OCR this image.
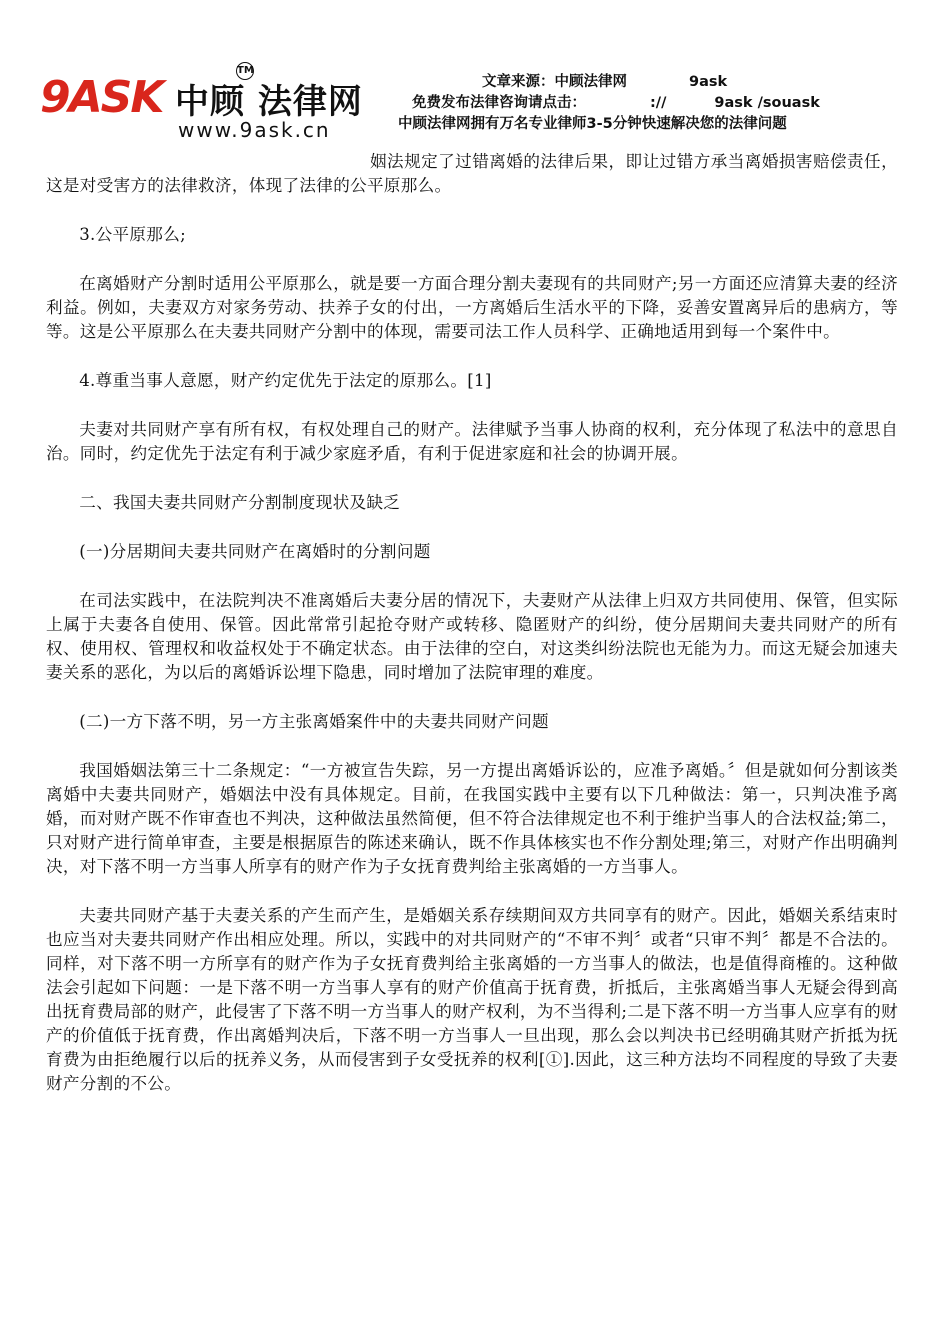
9ASK
TM
中顾 法律网
www.9ask.cn
文章来源：中顾法律网	9ask
免费发布法律咨询请点击：	://	9ask /souask
中顾法律网拥有万名专业律师3-5分钟快速解决您的法律问题

姻法规定了过错离婚的法律后果，即让过错方承当离婚损害赔偿责任，这是对受害方的法律救济，体现了法律的公平原那么。

3.公平原那么;

在离婚财产分割时适用公平原那么，就是要一方面合理分割夫妻现有的共同财产;另一方面还应清算夫妻的经济利益。例如，夫妻双方对家务劳动、扶养子女的付出，一方离婚后生活水平的下降，妥善安置离异后的患病方，等等。这是公平原那么在夫妻共同财产分割中的体现，需要司法工作人员科学、正确地适用到每一个案件中。

4.尊重当事人意愿，财产约定优先于法定的原那么。[1]

夫妻对共同财产享有所有权，有权处理自己的财产。法律赋予当事人协商的权利，充分体现了私法中的意思自治。同时，约定优先于法定有利于减少家庭矛盾，有利于促进家庭和社会的协调开展。

二、我国夫妻共同财产分割制度现状及缺乏

(一)分居期间夫妻共同财产在离婚时的分割问题

在司法实践中，在法院判决不准离婚后夫妻分居的情况下，夫妻财产从法律上归双方共同使用、保管，但实际上属于夫妻各自使用、保管。因此常常引起抢夺财产或转移、隐匿财产的纠纷，使分居期间夫妻共同财产的所有权、使用权、管理权和收益权处于不确定状态。由于法律的空白，对这类纠纷法院也无能为力。而这无疑会加速夫妻关系的恶化，为以后的离婚诉讼埋下隐患，同时增加了法院审理的难度。

(二)一方下落不明，另一方主张离婚案件中的夫妻共同财产问题

我国婚姻法第三十二条规定：“一方被宣告失踪，另一方提出离婚诉讼的，应准予离婚。〞但是就如何分割该类离婚中夫妻共同财产，婚姻法中没有具体规定。目前，在我国实践中主要有以下几种做法：第一，只判决准予离婚，而对财产既不作审查也不判决，这种做法虽然简便，但不符合法律规定也不利于维护当事人的合法权益;第二，只对财产进行简单审查，主要是根据原告的陈述来确认，既不作具体核实也不作分割处理;第三，对财产作出明确判决，对下落不明一方当事人所享有的财产作为子女抚育费判给主张离婚的一方当事人。

夫妻共同财产基于夫妻关系的产生而产生，是婚姻关系存续期间双方共同享有的财产。因此，婚姻关系结束时也应当对夫妻共同财产作出相应处理。所以，实践中的对共同财产的“不审不判〞或者“只审不判〞都是不合法的。同样，对下落不明一方所享有的财产作为子女抚育费判给主张离婚的一方当事人的做法，也是值得商榷的。这种做法会引起如下问题：一是下落不明一方当事人享有的财产价值高于抚育费，折抵后，主张离婚当事人无疑会得到高出抚育费局部的财产，此侵害了下落不明一方当事人的财产权利，为不当得利;二是下落不明一方当事人应享有的财产的价值低于抚育费，作出离婚判决后，下落不明一方当事人一旦出现，那么会以判决书已经明确其财产折抵为抚育费为由拒绝履行以后的抚养义务，从而侵害到子女受抚养的权利[①].因此，这三种方法均不同程度的导致了夫妻财产分割的不公。
